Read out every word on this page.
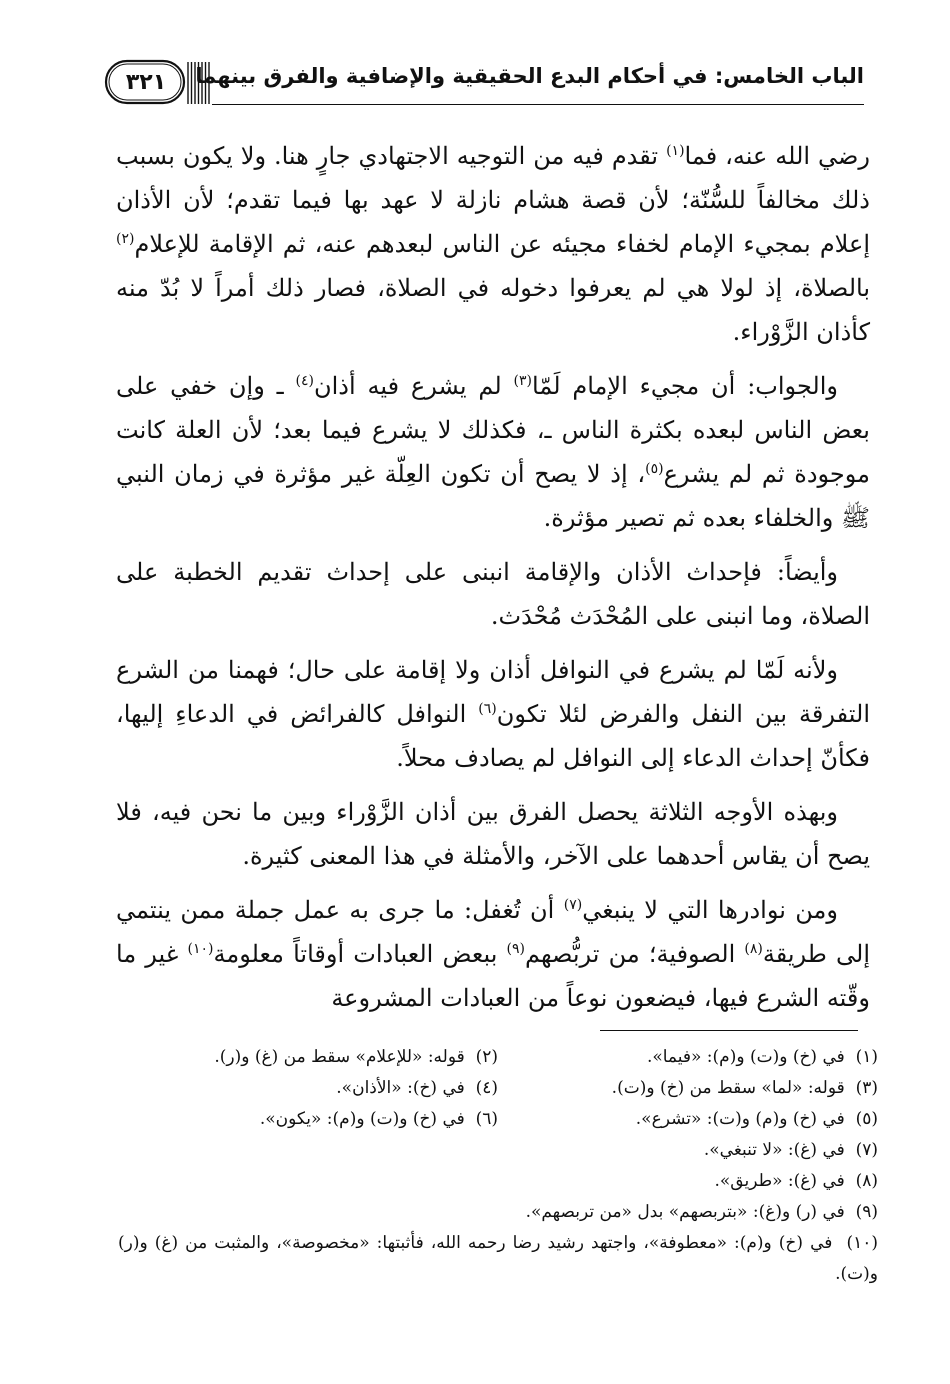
الباب الخامس: في أحكام البدع الحقيقية والإضافية والفرق بينهما
٣٢١

رضي الله عنه، فما$^{(١)}$ تقدم فيه من التوجيه الاجتهادي جارٍ هنا. ولا يكون بسبب ذلك مخالفاً للسُّنّة؛ لأن قصة هشام نازلة لا عهد بها فيما تقدم؛ لأن الأذان إعلام بمجيء الإمام لخفاء مجيئه عن الناس لبعدهم عنه، ثم الإقامة للإعلام$^{(٢)}$ بالصلاة، إذ لولا هي لم يعرفوا دخوله في الصلاة، فصار ذلك أمراً لا بُدّ منه كأذان الزَّوْراء.

والجواب: أن مجيء الإمام لَمّا$^{(٣)}$ لم يشرع فيه أذان$^{(٤)}$ ـ وإن خفي على بعض الناس لبعده بكثرة الناس ـ، فكذلك لا يشرع فيما بعد؛ لأن العلة كانت موجودة ثم لم يشرع$^{(٥)}$، إذ لا يصح أن تكون العِلّة غير مؤثرة في زمان النبي ﷺ والخلفاء بعده ثم تصير مؤثرة.

وأيضاً: فإحداث الأذان والإقامة انبنى على إحداث تقديم الخطبة على الصلاة، وما انبنى على المُحْدَث مُحْدَث.

ولأنه لَمّا لم يشرع في النوافل أذان ولا إقامة على حال؛ فهمنا من الشرع التفرقة بين النفل والفرض لئلا تكون$^{(٦)}$ النوافل كالفرائض في الدعاءِ إليها، فكأنّ إحداث الدعاء إلى النوافل لم يصادف محلاً.

وبهذه الأوجه الثلاثة يحصل الفرق بين أذان الزَّوْراء وبين ما نحن فيه، فلا يصح أن يقاس أحدهما على الآخر، والأمثلة في هذا المعنى كثيرة.

ومن نوادرها التي لا ينبغي$^{(٧)}$ أن تُغفل: ما جرى به عمل جملة ممن ينتمي إلى طريقة$^{(٨)}$ الصوفية؛ من تربُّصهم$^{(٩)}$ ببعض العبادات أوقاتاً معلومة$^{(١٠)}$ غير ما وقّته الشرع فيها، فيضعون نوعاً من العبادات المشروعة

(١)  في (خ) و(ت) و(م): «فيما».
(٢)  قوله: «للإعلام» سقط من (غ) و(ر).
(٣)  قوله: «لما» سقط من (خ) و(ت).
(٤)  في (خ): «الأذان».
(٥)  في (خ) و(م) و(ت): «تشرع».
(٦)  في (خ) و(ت) و(م): «يكون».
(٧)  في (غ): «لا تنبغي».
(٨)  في (غ): «طريق».
(٩)  في (ر) و(غ): «بتربصهم» بدل «من تربصهم».
(١٠)  في (خ) و(م): «معطوفة»، واجتهد رشيد رضا رحمه الله، فأثبتها: «مخصوصة»، والمثبت من (غ) و(ر) و(ت).
